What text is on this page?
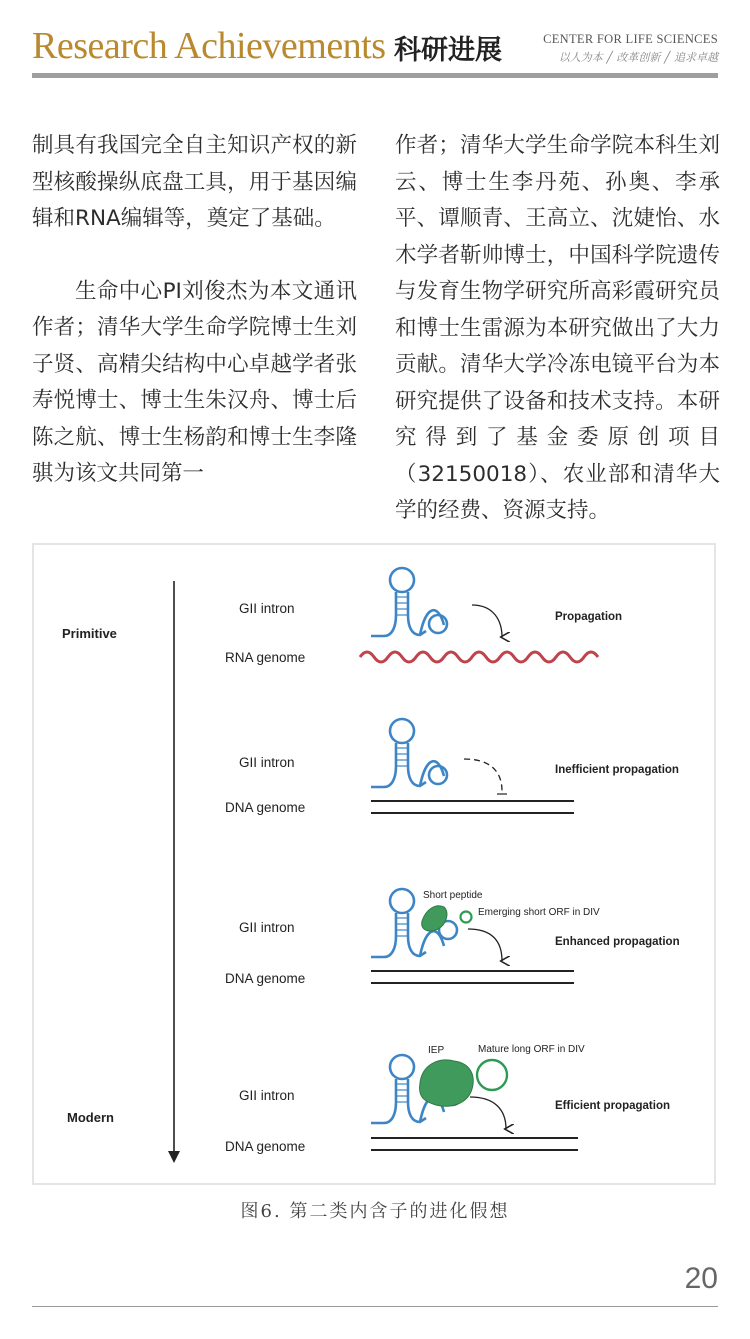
Research Achievements 科研进展	CENTER FOR LIFE SCIENCES
以人为本 ╱ 改革创新 ╱ 追求卓越

制具有我国完全自主知识产权的新型核酸操纵底盘工具，用于基因编辑和RNA编辑等，奠定了基础。

生命中心PI刘俊杰为本文通讯作者；清华大学生命学院博士生刘子贤、高精尖结构中心卓越学者张寿悦博士、博士生朱汉舟、博士后陈之航、博士生杨韵和博士生李隆骐为该文共同第一

作者；清华大学生命学院本科生刘云、博士生李丹苑、孙奥、李承平、谭顺青、王高立、沈婕怡、水木学者靳帅博士，中国科学院遗传与发育生物学研究所高彩霞研究员和博士生雷源为本研究做出了大力贡献。清华大学冷冻电镜平台为本研究提供了设备和技术支持。本研究得到了基金委原创项目（32150018）、农业部和清华大学的经费、资源支持。

Primitive
Modern
GII intron
RNA genome
Propagation
GII intron
DNA genome
Inefficient propagation
GII intron
DNA genome
Enhanced propagation
Short peptide
Emerging short ORF in DIV
GII intron
DNA genome
Efficient propagation
IEP	Mature long ORF in DIV
图6. 第二类内含子的进化假想
20
